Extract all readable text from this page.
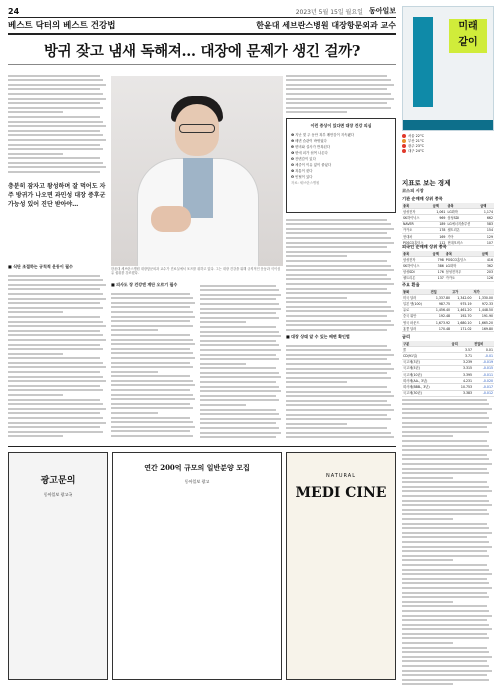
24	2023년 5월 15일 월요일 동아일보
베스트 닥터의 베스트 건강법	한윤대 세브란스병원 대장항문외과 교수
방귀 잦고 냄새 독해져… 대장에 문제가 생긴 걸까?
충분히 잠자고 왕성하며 잘 먹어도 자주 방귀가 나오면 과민성 대장 증후군 가능성 있어 진단 받아야…
■ 식단 조절하는 규칙적 운동이 필수	한윤대 세브란스병원 대장항문외과 교수가 진료실에서 포즈를 취하고 있다. 그는 대장 건강을 위해 규칙적인 운동과 식이섬유 섭취를 강조했다.
■ 의사도 장 건강엔 계단 오르기 필수
이런 증상이 있다면 대장 건강 의심
❶ 지난 몇 주 동안 복부 팽만감이 지속됐다
❷ 배변 습관이 바뀌었다
❸ 변비와 설사가 반복된다
❹ 변에 피가 섞여 나온다
❺ 잔변감이 있다
❻ 체중이 이유 없이 줄었다
❼ 복통이 잦다
❽ 빈혈이 있다
자료: 세브란스병원
■ 대장 상태 알 수 있는 배변 확인법
광고문의
동아일보 광고국
연간 200억 규모의 일반분양 모집
동아일보 광고
NATURAL
MEDI CINE
미래
같이
서울 22°C
부산 21°C
광주 23°C
대구 24°C
지표로 보는 경제
코스피 시장
기관 순매매 상위 종목
종목	금액	종목	금액
삼성전자	1,061	LG화학	1,174
SK하이닉스	969	삼성SDI	662
NAVER	189	LG에너지솔루션	583
카카오	178	셀트리온	154
현대차	169	기아	129
POSCO홀딩스	112	현대모비스	107
외국인 순매매 상위 종목
종목	금액	종목	금액
삼성전자	798	POSCO홀딩스	416
SK하이닉스	386	LG화학	362
삼성SDI	176	삼성전자우	203
셀트리온	137	카카오	126
주요 환율
통화	전일	고가	저가
미국 달러	1,337.80	1,342.00	1,330.00
일본 엔(100)	987.75	975.19	972.33
유로	1,456.40	1,461.20	1,448.50
중국 위안	192.48	192.70	191.90
영국 파운드	1,673.92	1,680.10	1,665.20
홍콩 달러	170.48	171.02	169.80
금리
구분	금리	전일비
콜	3.57	0.01
CD(91일)	3.71	-0.01
국고채(3년)	3.239	-0.019
국고채(5년)	3.315	-0.015
국고채(10년)	3.395	-0.011
회사채(AA-, 3년)	4.231	-0.020
회사채(BBB-, 3년)	10.753	-0.017
국고채(30년)	3.383	-0.012
